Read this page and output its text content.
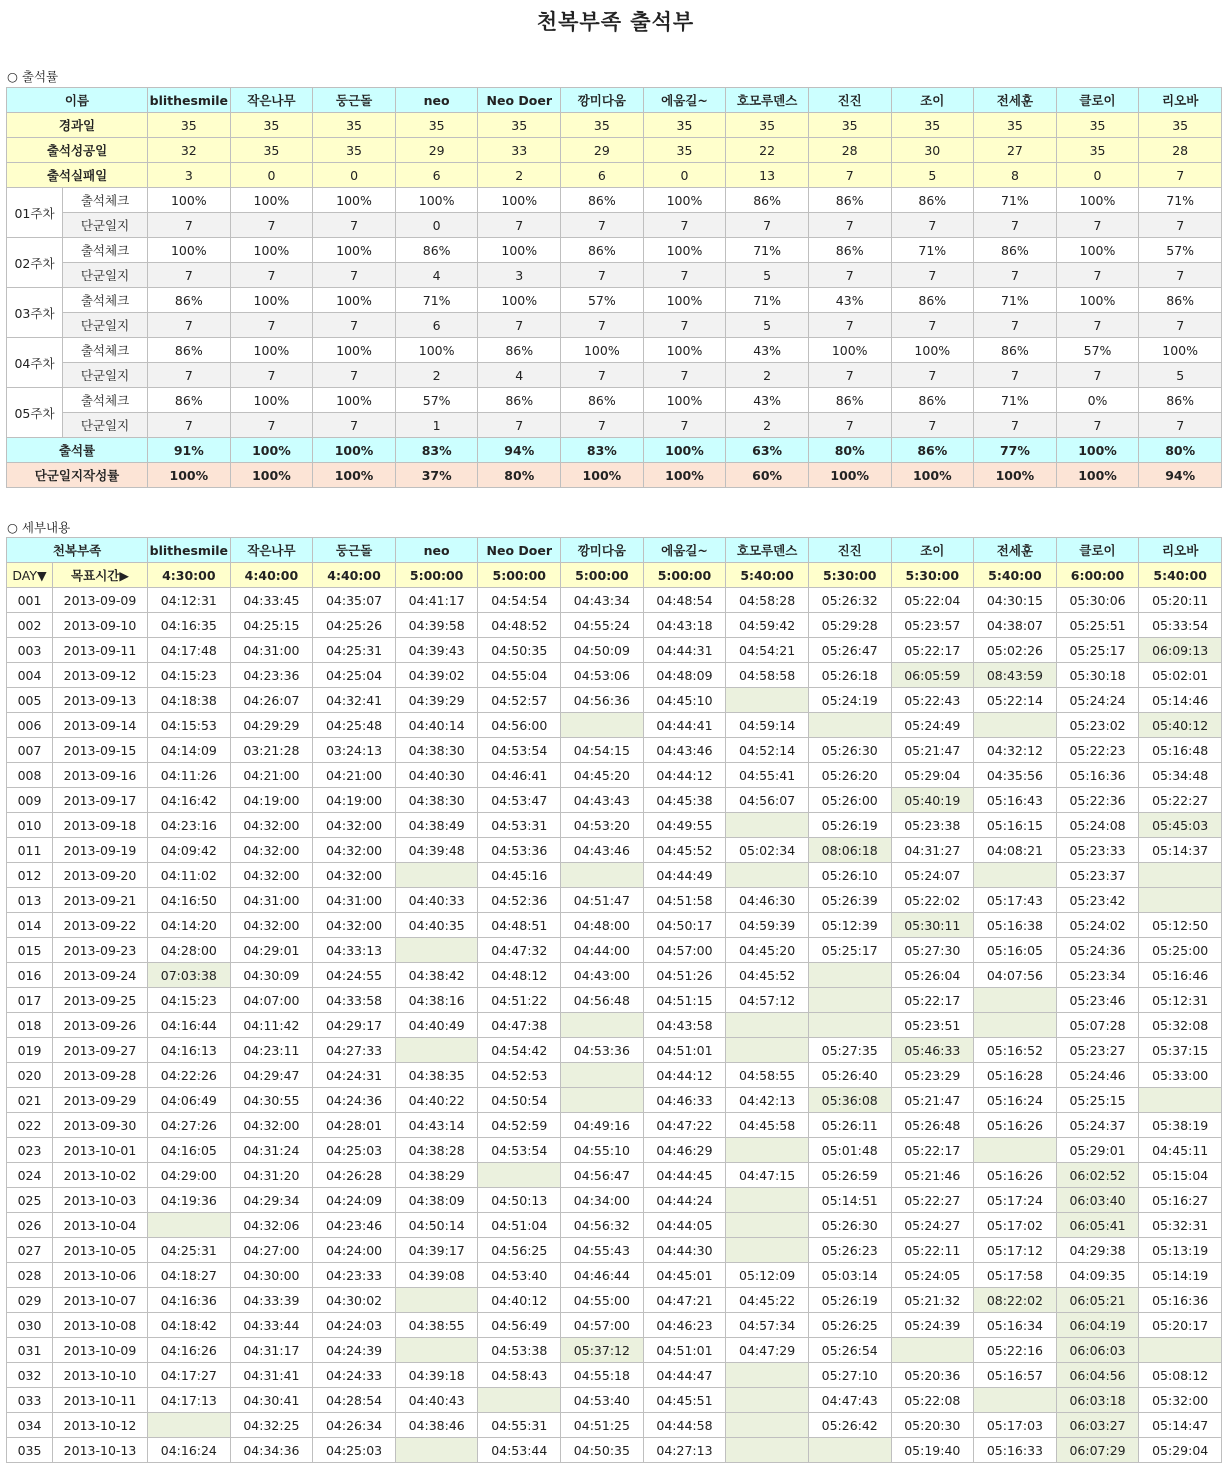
천복부족 출석부
○ 출석률
이름		blithesmile	작은나무	둥근돌	neo	Neo Doer	깡미다움	에움길~	호모루덴스	진진	조이	전세훈	클로이	리오바
경과일		35	35	35	35	35	35	35	35	35	35	35	35	35
출석성공일		32	35	35	29	33	29	35	22	28	30	27	35	28
출석실패일		3	0	0	6	2	6	0	13	7	5	8	0	7
01주차	출석체크	100%	100%	100%	100%	100%	86%	100%	86%	86%	86%	71%	100%	71%
	단군일지	7	7	7	0	7	7	7	7	7	7	7	7	7
02주차	출석체크	100%	100%	100%	86%	100%	86%	100%	71%	86%	71%	86%	100%	57%
	단군일지	7	7	7	4	3	7	7	5	7	7	7	7	7
03주차	출석체크	86%	100%	100%	71%	100%	57%	100%	71%	43%	86%	71%	100%	86%
	단군일지	7	7	7	6	7	7	7	5	7	7	7	7	7
04주차	출석체크	86%	100%	100%	100%	86%	100%	100%	43%	100%	100%	86%	57%	100%
	단군일지	7	7	7	2	4	7	7	2	7	7	7	7	5
05주차	출석체크	86%	100%	100%	57%	86%	86%	100%	43%	86%	86%	71%	0%	86%
	단군일지	7	7	7	1	7	7	7	2	7	7	7	7	7
출석률		91%	100%	100%	83%	94%	83%	100%	63%	80%	86%	77%	100%	80%
단군일지작성률		100%	100%	100%	37%	80%	100%	100%	60%	100%	100%	100%	100%	94%
○ 세부내용
천복부족		blithesmile	작은나무	둥근돌	neo	Neo Doer	깡미다움	에움길~	호모루덴스	진진	조이	전세훈	클로이	리오바
DAY▼	목표시간▶	4:30:00	4:40:00	4:40:00	5:00:00	5:00:00	5:00:00	5:00:00	5:40:00	5:30:00	5:30:00	5:40:00	6:00:00	5:40:00
001	2013-09-09	04:12:31	04:33:45	04:35:07	04:41:17	04:54:54	04:43:34	04:48:54	04:58:28	05:26:32	05:22:04	04:30:15	05:30:06	05:20:11
002	2013-09-10	04:16:35	04:25:15	04:25:26	04:39:58	04:48:52	04:55:24	04:43:18	04:59:42	05:29:28	05:23:57	04:38:07	05:25:51	05:33:54
003	2013-09-11	04:17:48	04:31:00	04:25:31	04:39:43	04:50:35	04:50:09	04:44:31	04:54:21	05:26:47	05:22:17	05:02:26	05:25:17	06:09:13
004	2013-09-12	04:15:23	04:23:36	04:25:04	04:39:02	04:55:04	04:53:06	04:48:09	04:58:58	05:26:18	06:05:59	08:43:59	05:30:18	05:02:01
005	2013-09-13	04:18:38	04:26:07	04:32:41	04:39:29	04:52:57	04:56:36	04:45:10		05:24:19	05:22:43	05:22:14	05:24:24	05:14:46
006	2013-09-14	04:15:53	04:29:29	04:25:48	04:40:14	04:56:00		04:44:41	04:59:14		05:24:49		05:23:02	05:40:12
007	2013-09-15	04:14:09	03:21:28	03:24:13	04:38:30	04:53:54	04:54:15	04:43:46	04:52:14	05:26:30	05:21:47	04:32:12	05:22:23	05:16:48
008	2013-09-16	04:11:26	04:21:00	04:21:00	04:40:30	04:46:41	04:45:20	04:44:12	04:55:41	05:26:20	05:29:04	04:35:56	05:16:36	05:34:48
009	2013-09-17	04:16:42	04:19:00	04:19:00	04:38:30	04:53:47	04:43:43	04:45:38	04:56:07	05:26:00	05:40:19	05:16:43	05:22:36	05:22:27
010	2013-09-18	04:23:16	04:32:00	04:32:00	04:38:49	04:53:31	04:53:20	04:49:55		05:26:19	05:23:38	05:16:15	05:24:08	05:45:03
011	2013-09-19	04:09:42	04:32:00	04:32:00	04:39:48	04:53:36	04:43:46	04:45:52	05:02:34	08:06:18	04:31:27	04:08:21	05:23:33	05:14:37
012	2013-09-20	04:11:02	04:32:00	04:32:00		04:45:16		04:44:49		05:26:10	05:24:07		05:23:37	
013	2013-09-21	04:16:50	04:31:00	04:31:00	04:40:33	04:52:36	04:51:47	04:51:58	04:46:30	05:26:39	05:22:02	05:17:43	05:23:42	
014	2013-09-22	04:14:20	04:32:00	04:32:00	04:40:35	04:48:51	04:48:00	04:50:17	04:59:39	05:12:39	05:30:11	05:16:38	05:24:02	05:12:50
015	2013-09-23	04:28:00	04:29:01	04:33:13		04:47:32	04:44:00	04:57:00	04:45:20	05:25:17	05:27:30	05:16:05	05:24:36	05:25:00
016	2013-09-24	07:03:38	04:30:09	04:24:55	04:38:42	04:48:12	04:43:00	04:51:26	04:45:52		05:26:04	04:07:56	05:23:34	05:16:46
017	2013-09-25	04:15:23	04:07:00	04:33:58	04:38:16	04:51:22	04:56:48	04:51:15	04:57:12		05:22:17		05:23:46	05:12:31
018	2013-09-26	04:16:44	04:11:42	04:29:17	04:40:49	04:47:38		04:43:58			05:23:51		05:07:28	05:32:08
019	2013-09-27	04:16:13	04:23:11	04:27:33		04:54:42	04:53:36	04:51:01		05:27:35	05:46:33	05:16:52	05:23:27	05:37:15
020	2013-09-28	04:22:26	04:29:47	04:24:31	04:38:35	04:52:53		04:44:12	04:58:55	05:26:40	05:23:29	05:16:28	05:24:46	05:33:00
021	2013-09-29	04:06:49	04:30:55	04:24:36	04:40:22	04:50:54		04:46:33	04:42:13	05:36:08	05:21:47	05:16:24	05:25:15	
022	2013-09-30	04:27:26	04:32:00	04:28:01	04:43:14	04:52:59	04:49:16	04:47:22	04:45:58	05:26:11	05:26:48	05:16:26	05:24:37	05:38:19
023	2013-10-01	04:16:05	04:31:24	04:25:03	04:38:28	04:53:54	04:55:10	04:46:29		05:01:48	05:22:17		05:29:01	04:45:11
024	2013-10-02	04:29:00	04:31:20	04:26:28	04:38:29		04:56:47	04:44:45	04:47:15	05:26:59	05:21:46	05:16:26	06:02:52	05:15:04
025	2013-10-03	04:19:36	04:29:34	04:24:09	04:38:09	04:50:13	04:34:00	04:44:24		05:14:51	05:22:27	05:17:24	06:03:40	05:16:27
026	2013-10-04		04:32:06	04:23:46	04:50:14	04:51:04	04:56:32	04:44:05		05:26:30	05:24:27	05:17:02	06:05:41	05:32:31
027	2013-10-05	04:25:31	04:27:00	04:24:00	04:39:17	04:56:25	04:55:43	04:44:30		05:26:23	05:22:11	05:17:12	04:29:38	05:13:19
028	2013-10-06	04:18:27	04:30:00	04:23:33	04:39:08	04:53:40	04:46:44	04:45:01	05:12:09	05:03:14	05:24:05	05:17:58	04:09:35	05:14:19
029	2013-10-07	04:16:36	04:33:39	04:30:02		04:40:12	04:55:00	04:47:21	04:45:22	05:26:19	05:21:32	08:22:02	06:05:21	05:16:36
030	2013-10-08	04:18:42	04:33:44	04:24:03	04:38:55	04:56:49	04:57:00	04:46:23	04:57:34	05:26:25	05:24:39	05:16:34	06:04:19	05:20:17
031	2013-10-09	04:16:26	04:31:17	04:24:39		04:53:38	05:37:12	04:51:01	04:47:29	05:26:54		05:22:16	06:06:03	
032	2013-10-10	04:17:27	04:31:41	04:24:33	04:39:18	04:58:43	04:55:18	04:44:47		05:27:10	05:20:36	05:16:57	06:04:56	05:08:12
033	2013-10-11	04:17:13	04:30:41	04:28:54	04:40:43		04:53:40	04:45:51		04:47:43	05:22:08		06:03:18	05:32:00
034	2013-10-12		04:32:25	04:26:34	04:38:46	04:55:31	04:51:25	04:44:58		05:26:42	05:20:30	05:17:03	06:03:27	05:14:47
035	2013-10-13	04:16:24	04:34:36	04:25:03		04:53:44	04:50:35	04:27:13			05:19:40	05:16:33	06:07:29	05:29:04
